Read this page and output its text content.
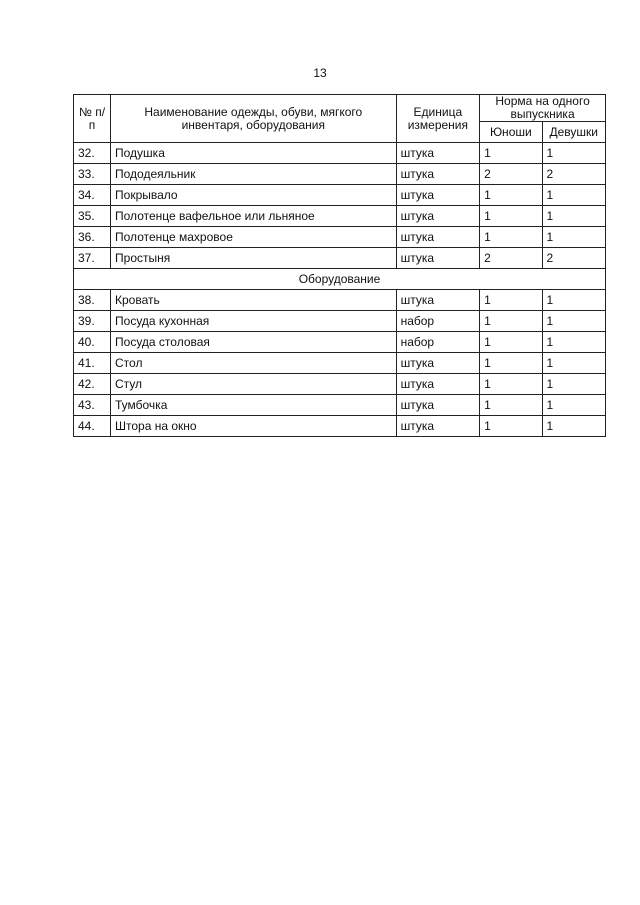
13
№ п/п	Наименование одежды, обуви, мягкого инвентаря, оборудования	Единица измерения	Норма на одного выпускника	
			Юноши	Девушки
32.	Подушка	штука	1	1
33.	Пододеяльник	штука	2	2
34.	Покрывало	штука	1	1
35.	Полотенце вафельное или льняное	штука	1	1
36.	Полотенце махровое	штука	1	1
37.	Простыня	штука	2	2
Оборудование				
38.	Кровать	штука	1	1
39.	Посуда кухонная	набор	1	1
40.	Посуда столовая	набор	1	1
41.	Стол	штука	1	1
42.	Стул	штука	1	1
43.	Тумбочка	штука	1	1
44.	Штора на окно	штука	1	1
